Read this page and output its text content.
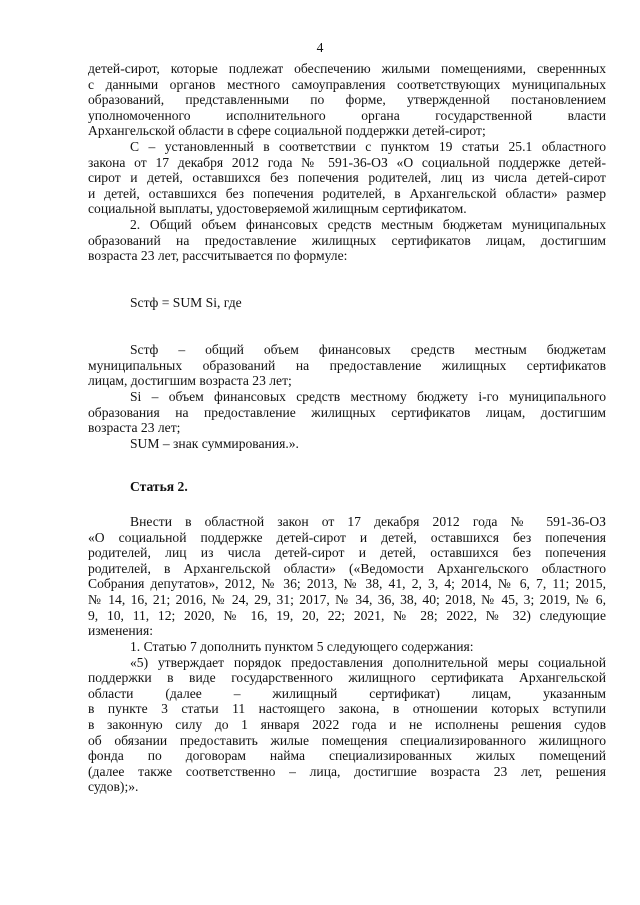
4
детей-сирот, которые подлежат обеспечению жилыми помещениями, свереннных
с данными органов местного самоуправления соответствующих муниципальных
образований, представленными по форме, утвержденной постановлением
уполномоченного исполнительного органа государственной власти
Архангельской области в сфере социальной поддержки детей-сирот;
С – установленный в соответствии с пунктом 19 статьи 25.1 областного
закона от 17 декабря 2012 года № 591-36-ОЗ «О социальной поддержке детей-
сирот и детей, оставшихся без попечения родителей, лиц из числа детей-сирот
и детей, оставшихся без попечения родителей, в Архангельской области» размер
социальной выплаты, удостоверяемой жилищным сертификатом.
2. Общий объем финансовых средств местным бюджетам муниципальных
образований на предоставление жилищных сертификатов лицам, достигшим
возраста 23 лет, рассчитывается по формуле:
Sстф = SUM Si, где
Sстф – общий объем финансовых средств местным бюджетам
муниципальных образований на предоставление жилищных сертификатов
лицам, достигшим возраста 23 лет;
Si – объем финансовых средств местному бюджету i-го муниципального
образования на предоставление жилищных сертификатов лицам, достигшим
возраста 23 лет;
SUM – знак суммирования.».
Статья 2.
Внести в областной закон от 17 декабря 2012 года № 591-36-ОЗ
«О социальной поддержке детей-сирот и детей, оставшихся без попечения
родителей, лиц из числа детей-сирот и детей, оставшихся без попечения
родителей, в Архангельской области» («Ведомости Архангельского областного
Собрания депутатов», 2012, № 36; 2013, № 38, 41, 2, 3, 4; 2014, № 6, 7, 11; 2015,
№ 14, 16, 21; 2016, № 24, 29, 31; 2017, № 34, 36, 38, 40; 2018, № 45, 3; 2019, № 6,
9, 10, 11, 12; 2020, № 16, 19, 20, 22; 2021, № 28; 2022, № 32) следующие
изменения:
1. Статью 7 дополнить пунктом 5 следующего содержания:
«5) утверждает порядок предоставления дополнительной меры социальной
поддержки в виде государственного жилищного сертификата Архангельской
области (далее – жилищный сертификат) лицам, указанным
в пункте 3 статьи 11 настоящего закона, в отношении которых вступили
в законную силу до 1 января 2022 года и не исполнены решения судов
об обязании предоставить жилые помещения специализированного жилищного
фонда по договорам найма специализированных жилых помещений
(далее также соответственно – лица, достигшие возраста 23 лет, решения
судов);».
